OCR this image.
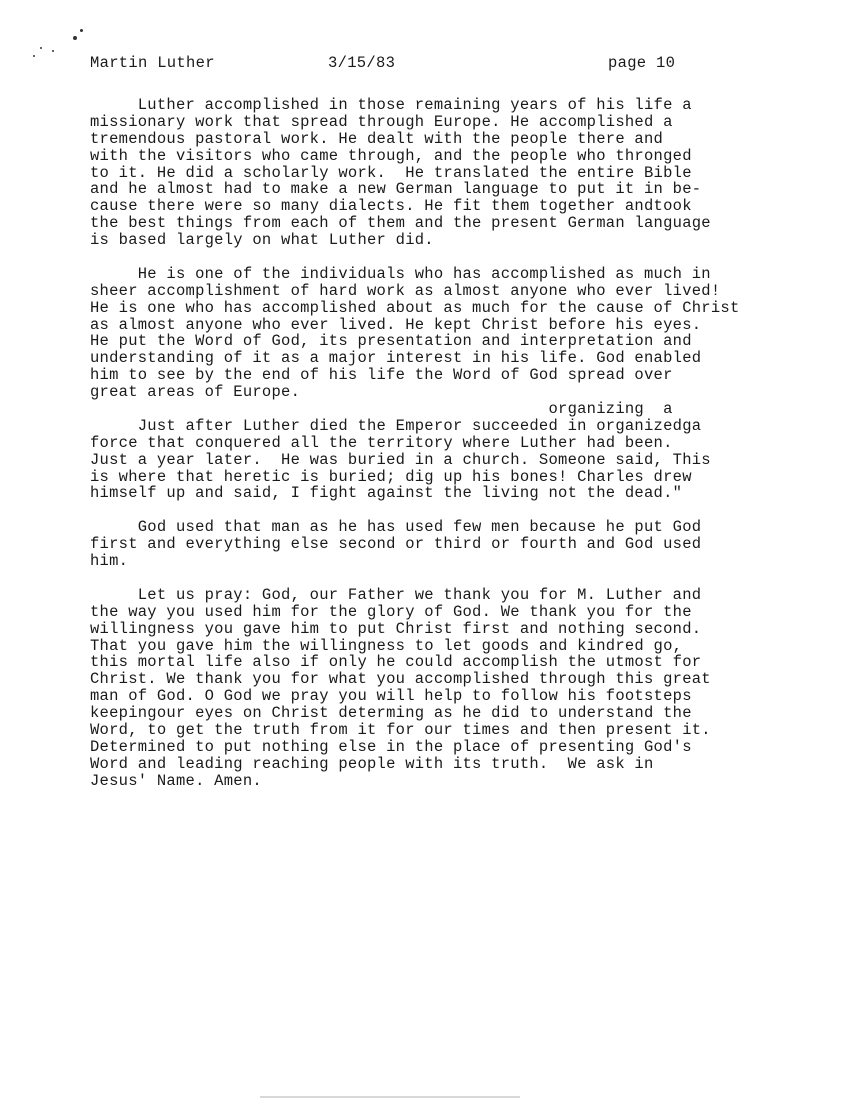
Martin Luther	3/15/83	page 10
Luther accomplished in those remaining years of his life a
missionary work that spread through Europe. He accomplished a
tremendous pastoral work. He dealt with the people there and
with the visitors who came through, and the people who thronged
to it. He did a scholarly work.  He translated the entire Bible
and he almost had to make a new German language to put it in be-
cause there were so many dialects. He fit them together andtook
the best things from each of them and the present German language
is based largely on what Luther did.
He is one of the individuals who has accomplished as much in
sheer accomplishment of hard work as almost anyone who ever lived!
He is one who has accomplished about as much for the cause of Christ
as almost anyone who ever lived. He kept Christ before his eyes.
He put the Word of God, its presentation and interpretation and
understanding of it as a major interest in his life. God enabled
him to see by the end of his life the Word of God spread over
great areas of Europe.
organizing  a
Just after Luther died the Emperor succeeded in organizedga
force that conquered all the territory where Luther had been.
Just a year later.  He was buried in a church. Someone said, This
is where that heretic is buried; dig up his bones! Charles drew
himself up and said, I fight against the living not the dead."
God used that man as he has used few men because he put God
first and everything else second or third or fourth and God used
him.
Let us pray: God, our Father we thank you for M. Luther and
the way you used him for the glory of God. We thank you for the
willingness you gave him to put Christ first and nothing second.
That you gave him the willingness to let goods and kindred go,
this mortal life also if only he could accomplish the utmost for
Christ. We thank you for what you accomplished through this great
man of God. O God we pray you will help to follow his footsteps
keepingour eyes on Christ determing as he did to understand the
Word, to get the truth from it for our times and then present it.
Determined to put nothing else in the place of presenting God's
Word and leading reaching people with its truth.  We ask in
Jesus' Name. Amen.
